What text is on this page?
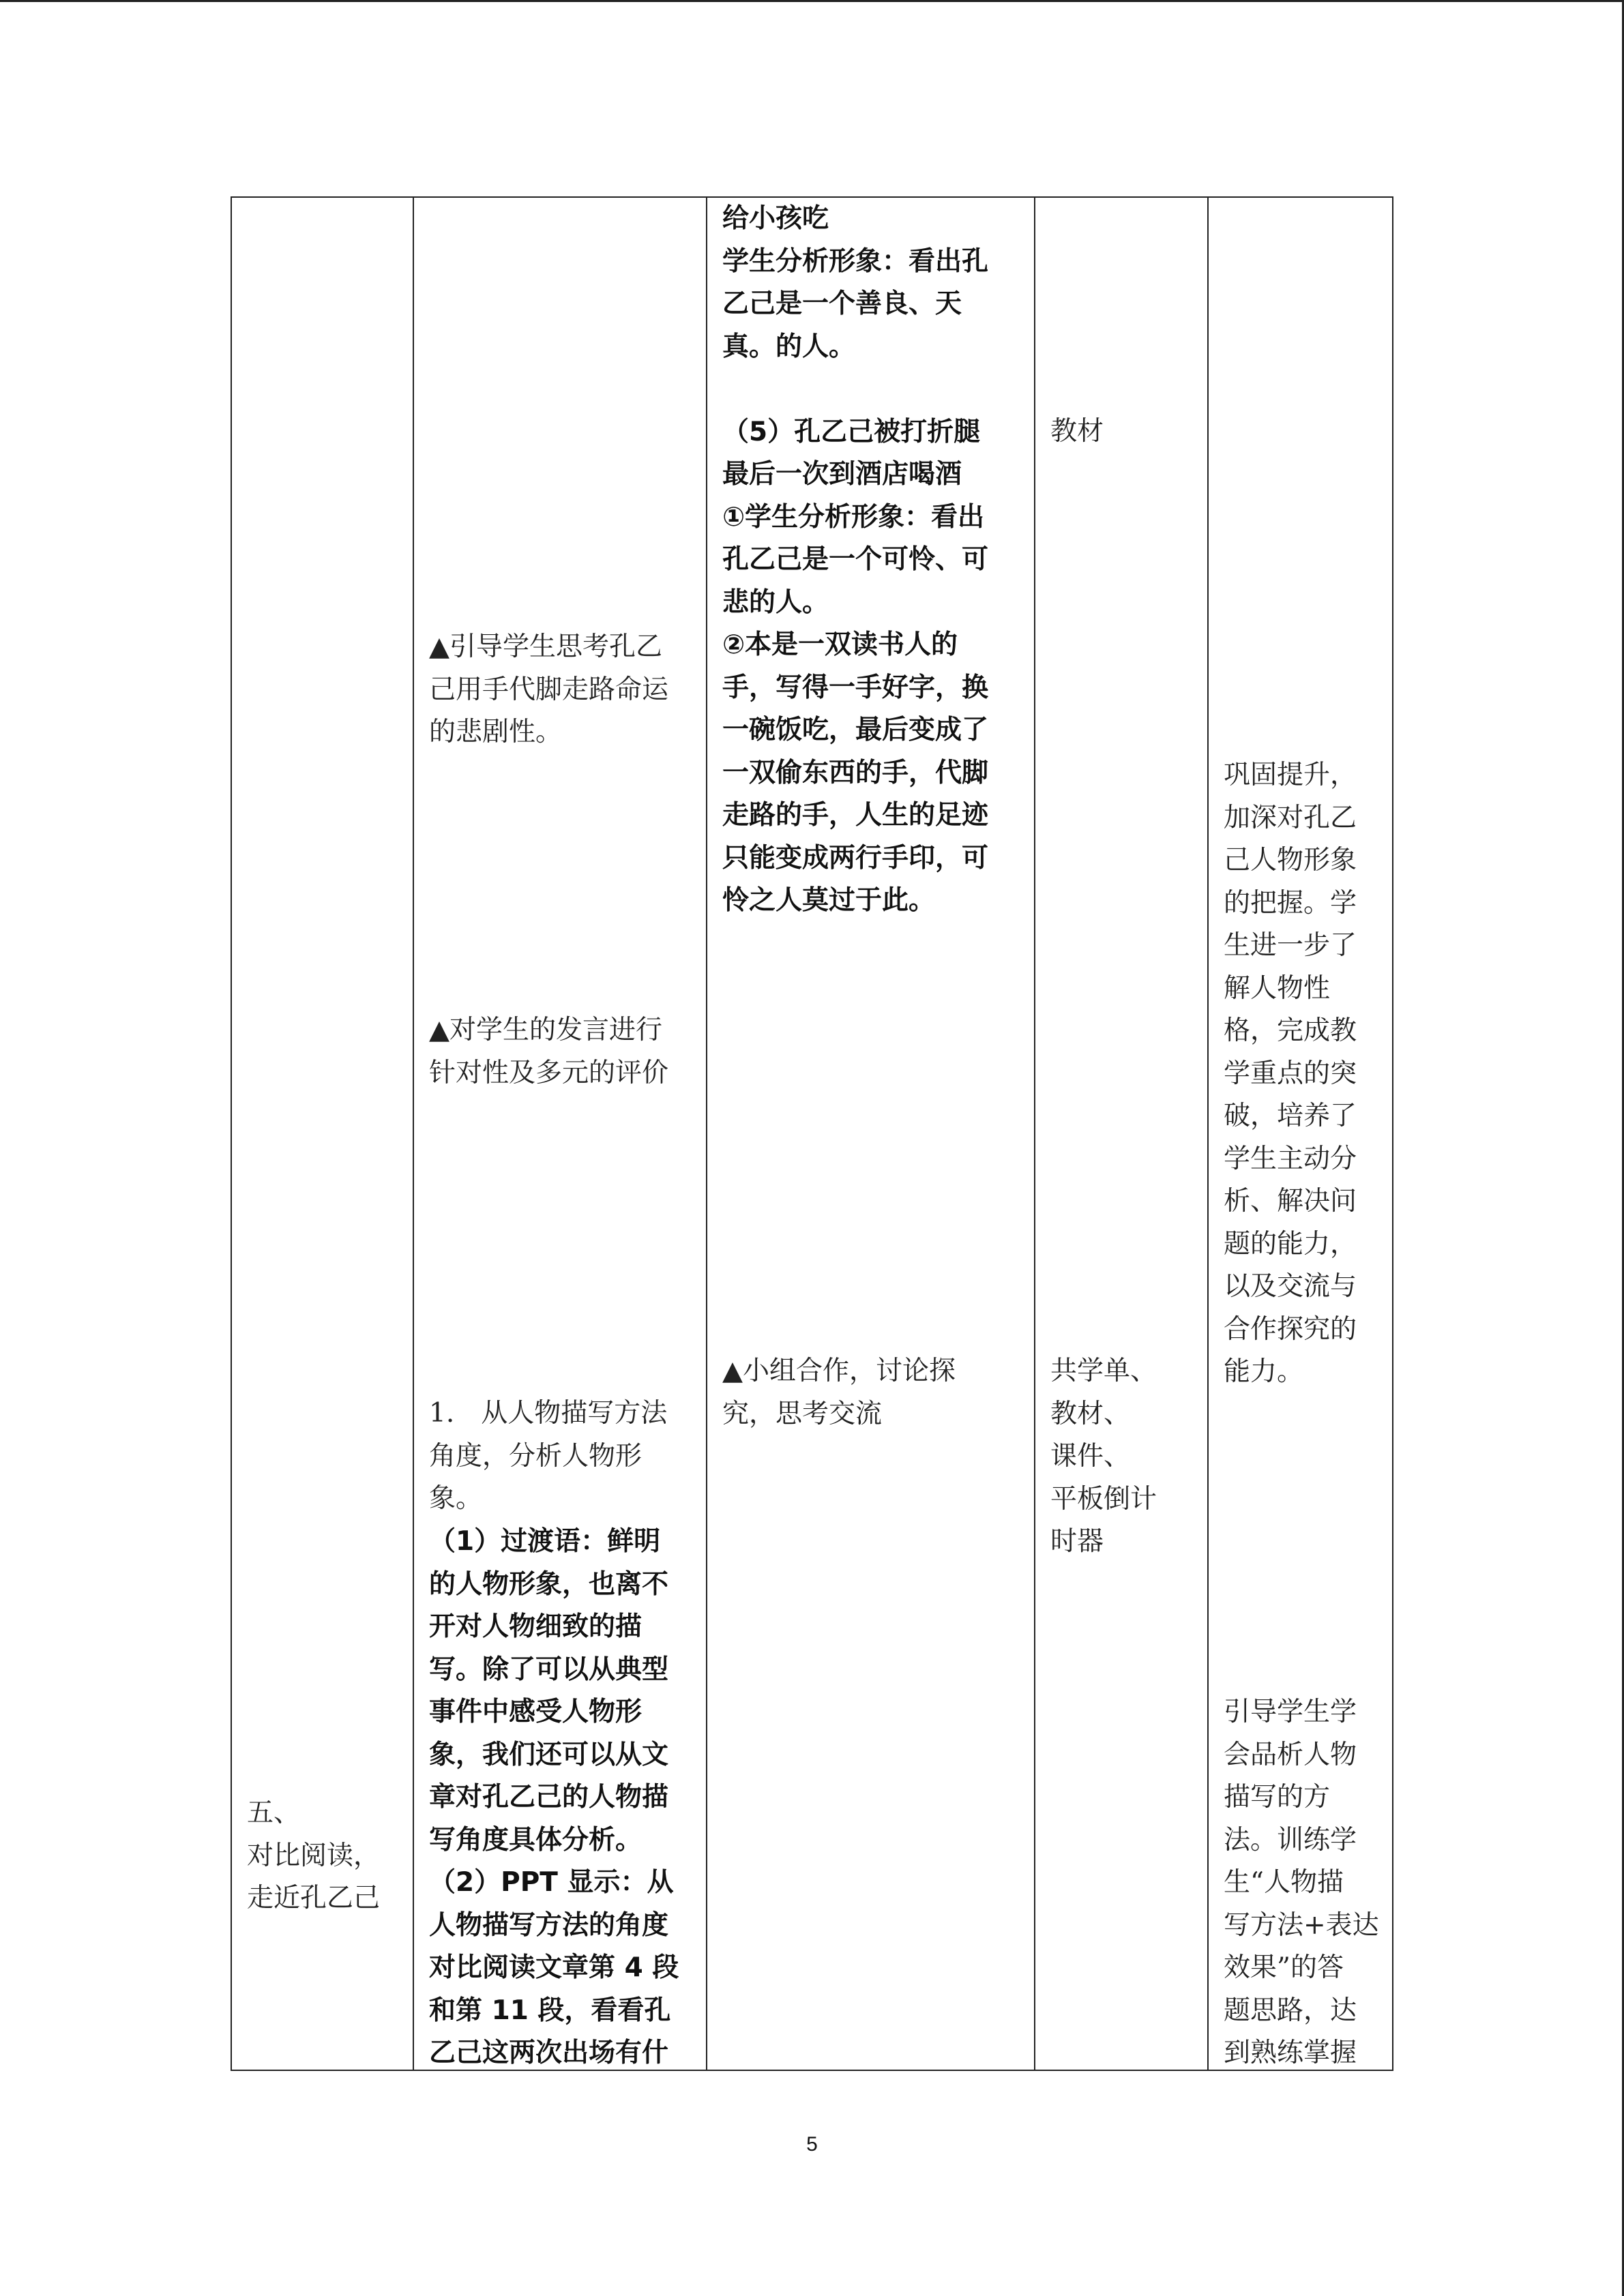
五、
对比阅读，
走近孔乙己

▲引导学生思考孔乙
己用手代脚走路命运
的悲剧性。

▲对学生的发言进行
针对性及多元的评价

1.　从人物描写方法
角度，分析人物形
象。

（1）过渡语：鲜明
的人物形象，也离不
开对人物细致的描
写。除了可以从典型
事件中感受人物形
象，我们还可以从文
章对孔乙己的人物描
写角度具体分析。
（2）PPT 显示：从
人物描写方法的角度
对比阅读文章第 4 段
和第 11 段，看看孔
乙己这两次出场有什

给小孩吃
学生分析形象：看出孔
乙己是一个善良、天
真。的人。

（5）孔乙己被打折腿
最后一次到酒店喝酒
①学生分析形象：看出
孔乙己是一个可怜、可
悲的人。
②本是一双读书人的
手，写得一手好字，换
一碗饭吃，最后变成了
一双偷东西的手，代脚
走路的手，人生的足迹
只能变成两行手印，可
怜之人莫过于此。

▲小组合作，讨论探
究，思考交流

教材

共学单、
教材、
课件、
平板倒计
时器

巩固提升，
加深对孔乙
己人物形象
的把握。学
生进一步了
解人物性
格，完成教
学重点的突
破，培养了
学生主动分
析、解决问
题的能力，
以及交流与
合作探究的
能力。

引导学生学
会品析人物
描写的方
法。训练学
生“人物描
写方法+表达
效果”的答
题思路，达
到熟练掌握

5
